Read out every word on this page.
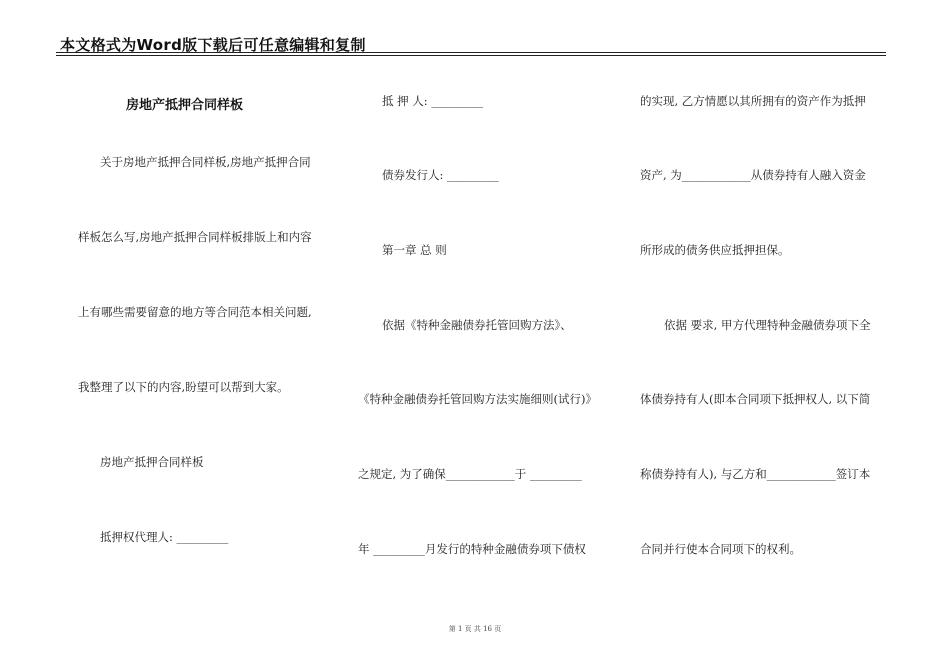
本文格式为Word版下载后可任意编辑和复制
房地产抵押合同样板
关于房地产抵押合同样板,房地产抵押合同
样板怎么写,房地产抵押合同样板排版上和内容
上有哪些需要留意的地方等合同范本相关问题,
我整理了以下的内容,盼望可以帮到大家。
房地产抵押合同样板
抵押权代理人: _________
抵 押 人: _________
债券发行人: _________
第一章 总 则
依据《特种金融债券托管回购方法》、
《特种金融债券托管回购方法实施细则(试行)》
之规定, 为了确保____________于 _________
年 _________月发行的特种金融债券项下债权
的实现, 乙方情愿以其所拥有的资产作为抵押
资产, 为____________从债券持有人融入资金
所形成的债务供应抵押担保。
依据 要求, 甲方代理特种金融债券项下全
体债券持有人(即本合同项下抵押权人, 以下简
称债券持有人), 与乙方和____________签订本
合同并行使本合同项下的权利。
第 1 页 共 16 页
